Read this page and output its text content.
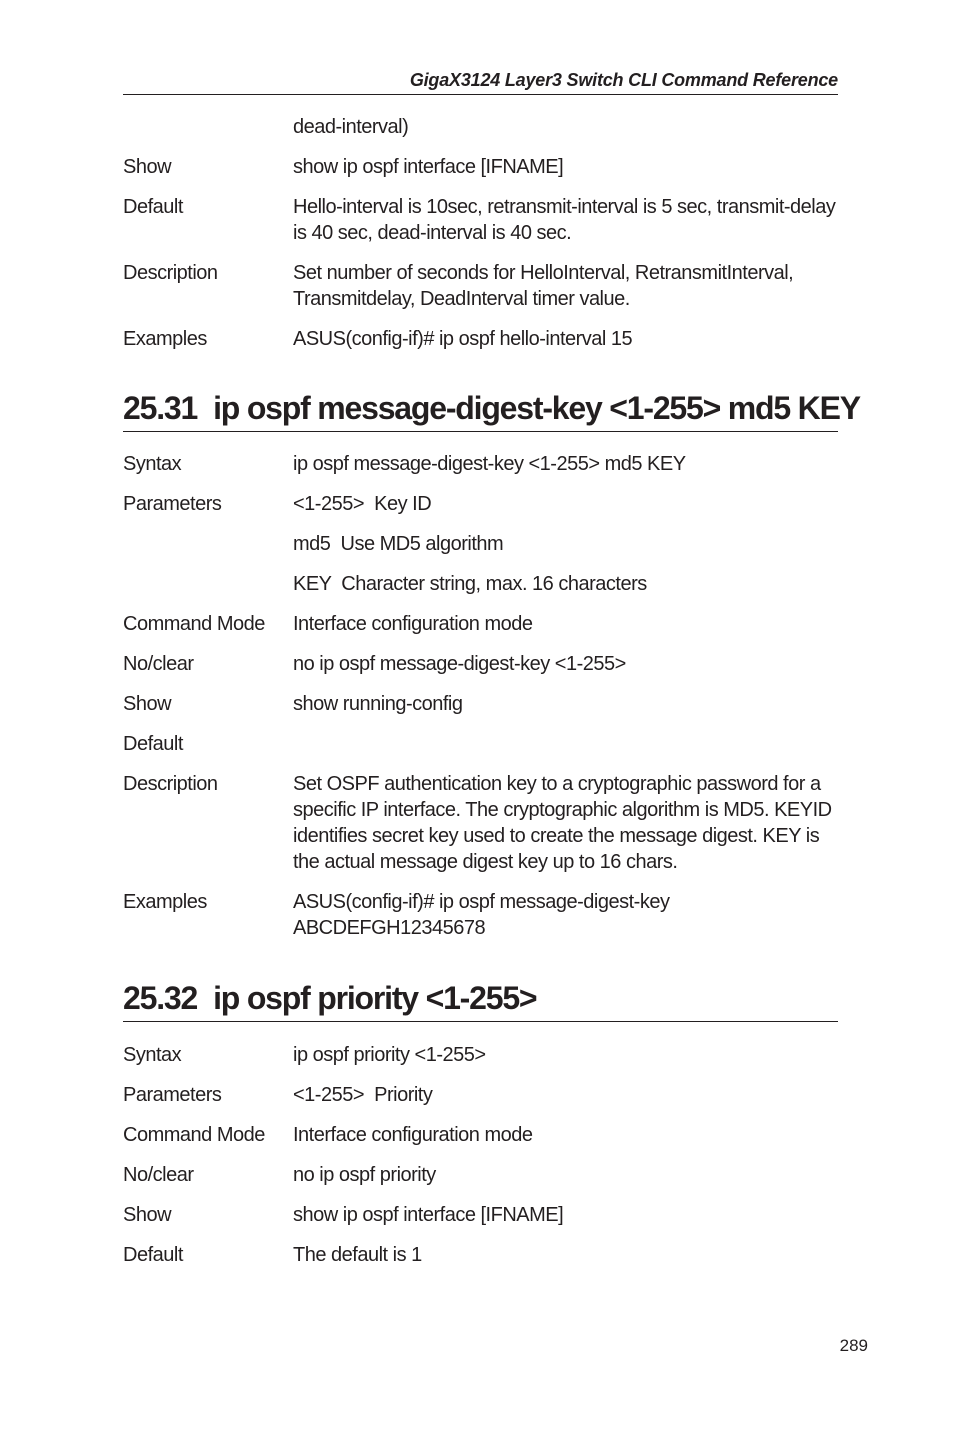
GigaX3124 Layer3 Switch CLI Command Reference
dead-interval)
Show	show ip ospf interface [IFNAME]
Default	Hello-interval is 10sec, retransmit-interval is 5 sec, transmit-delay is 40 sec, dead-interval is 40 sec.
Description	Set number of seconds for HelloInterval, RetransmitInterval, Transmitdelay, DeadInterval timer value.
Examples	ASUS(config-if)# ip ospf hello-interval 15
25.31 ip ospf message-digest-key <1-255> md5 KEY
Syntax	ip ospf message-digest-key <1-255> md5 KEY
Parameters	<1-255>  Key ID
md5  Use MD5 algorithm
KEY  Character string, max. 16 characters
Command Mode	Interface configuration mode
No/clear	no ip ospf message-digest-key <1-255>
Show	show running-config
Default
Description	Set OSPF authentication key to a cryptographic password for a specific IP interface. The cryptographic algorithm is MD5. KEYID identifies secret key used to create the message digest. KEY is the actual message digest key up to 16 chars.
Examples	ASUS(config-if)# ip ospf message-digest-key ABCDEFGH12345678
25.32 ip ospf priority <1-255>
Syntax	ip ospf priority <1-255>
Parameters	<1-255>  Priority
Command Mode	Interface configuration mode
No/clear	no ip ospf priority
Show	show ip ospf interface [IFNAME]
Default	The default is 1
289
